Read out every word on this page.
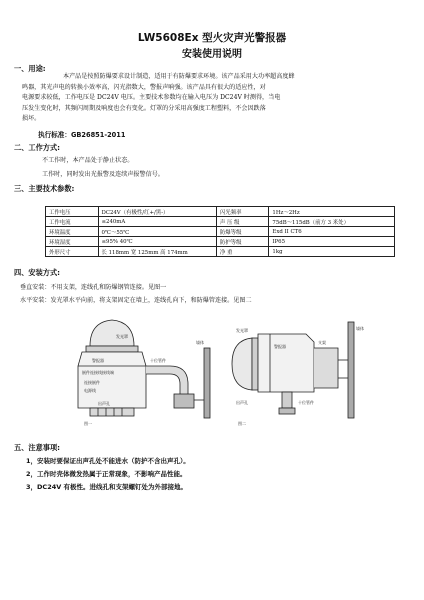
LW5608Ex 型火灾声光警报器
安装使用说明
一、用途:
本产品是按照防爆要求设计制造，适用于有防爆要求环境。该产品采用大功率超高度蜂
鸣器，其光声电的转换小效率高，闪光指数大，警报声响强。该产品具有很大的适应性，对
电源要求较低，工作电压是 DC24V 电压。主要技术参数均在输入电压为 DC24V 时测得，当电
压发生变化时，其频闪周期及响度也会有变化。灯罩的分采用高强度工程塑料，不会因跌落
损坏。
执行标准：GB26851-2011
二、工作方式:
不工作时，本产品处于静止状态。
工作时，同时发出光报警及连续声报警信号。
三、主要技术参数:
工作电压	DC24V（有极性/红+/黑-）	闪光频率	1Hz～2Hz
工作电流	≤240mA	声 压 级	75dB～115dB（前方 3 米处）
环境温度	0℃～55℃	防爆等级	Exd II CT6
环境湿度	≤95% 40℃	防护等级	IP65
外形尺寸	长 118mm 宽 125mm 高 174mm	净 重	1kg
四、安装方式:
垂直安装：不用支架，连线孔和防爆钢管连接。见图一
水平安装：发光罩水平向前，将支架固定在墙上，连线孔向下，和防爆管连接。见图二
发光罩
警报器
嵌件连接线接线端
连接嵌件
电源线
十位管件
墙体
出声孔
图一
发光罩
警报器
支架
十位管件
墙体
出声孔
图二
五、注意事项:
1，安装时要保证出声孔处不能进水（防护不含出声孔）。
2，工作时壳体微发热属于正常现象，不影响产品性能。
3，DC24V 有极性。进线孔和支架螺钉处为外部接地。
